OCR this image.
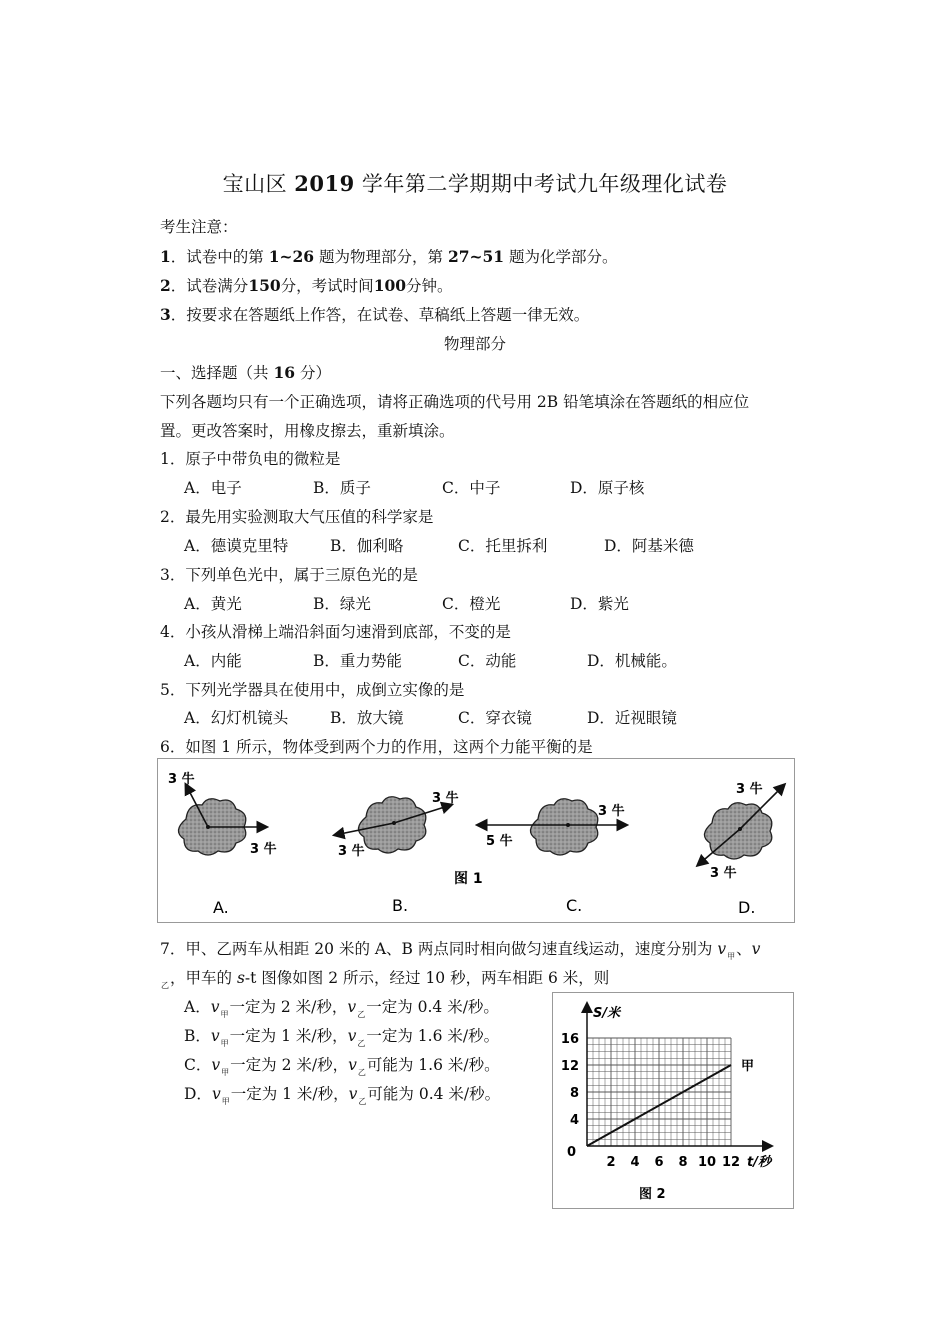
宝山区 2019 学年第二学期期中考试九年级理化试卷
考生注意：
1．试卷中的第 1~26 题为物理部分，第 27~51 题为化学部分。
2．试卷满分150分，考试时间100分钟。
3．按要求在答题纸上作答，在试卷、草稿纸上答题一律无效。
物理部分
一、选择题（共 16 分）
下列各题均只有一个正确选项，请将正确选项的代号用 2B 铅笔填涂在答题纸的相应位
置。更改答案时，用橡皮擦去，重新填涂。
1．原子中带负电的微粒是
A．电子	B．质子	C．中子	D．原子核
2．最先用实验测取大气压值的科学家是
A．德谟克里特	B．伽利略	C．托里拆利	D．阿基米德
3．下列单色光中，属于三原色光的是
A．黄光	B．绿光	C．橙光	D．紫光
4．小孩从滑梯上端沿斜面匀速滑到底部，不变的是
A．内能	B．重力势能	C．动能	D．机械能。
5．下列光学器具在使用中，成倒立实像的是
A．幻灯机镜头	B．放大镜	C．穿衣镜	D．近视眼镜
6．如图 1 所示，物体受到两个力的作用，这两个力能平衡的是
3 牛
3 牛
A.
3 牛
3 牛
B.
3 牛
5 牛
C.
图 1
3 牛
3 牛
D.
7．甲、乙两车从相距 20 米的 A、B 两点同时相向做匀速直线运动，速度分别为 $v_甲$、v
$_乙$，甲车的 s-t 图像如图 2 所示，经过 10 秒，两车相距 6 米，则
A．$v_甲$一定为 2 米/秒，$v_乙$一定为 0.4 米/秒。
B．$v_甲$一定为 1 米/秒，$v_乙$一定为 1.6 米/秒。
C．$v_甲$一定为 2 米/秒，$v_乙$可能为 1.6 米/秒。
D．$v_甲$一定为 1 米/秒，$v_乙$可能为 0.4 米/秒。
2 4 6 8 10 12
4
8
12
16
甲
S/米
t/秒
0
图 2
